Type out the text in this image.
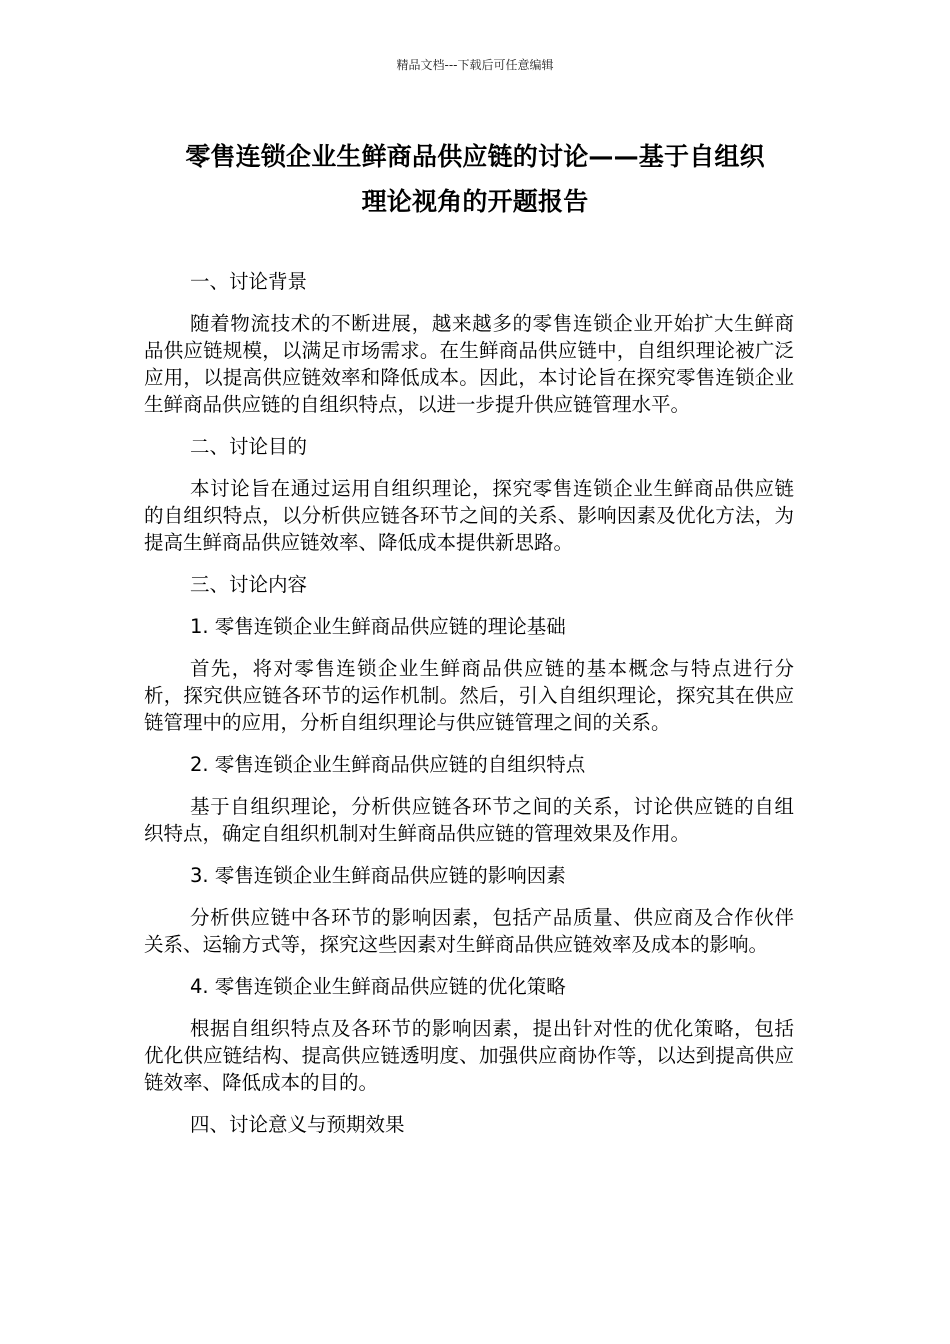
精品文档---下载后可任意编辑
零售连锁企业生鲜商品供应链的讨论——基于自组织
理论视角的开题报告
一、讨论背景
随着物流技术的不断进展，越来越多的零售连锁企业开始扩大生鲜商品供应链规模，以满足市场需求。在生鲜商品供应链中，自组织理论被广泛应用，以提高供应链效率和降低成本。因此，本讨论旨在探究零售连锁企业生鲜商品供应链的自组织特点，以进一步提升供应链管理水平。
二、讨论目的
本讨论旨在通过运用自组织理论，探究零售连锁企业生鲜商品供应链的自组织特点，以分析供应链各环节之间的关系、影响因素及优化方法，为提高生鲜商品供应链效率、降低成本提供新思路。
三、讨论内容
1. 零售连锁企业生鲜商品供应链的理论基础
首先，将对零售连锁企业生鲜商品供应链的基本概念与特点进行分析，探究供应链各环节的运作机制。然后，引入自组织理论，探究其在供应链管理中的应用，分析自组织理论与供应链管理之间的关系。
2. 零售连锁企业生鲜商品供应链的自组织特点
基于自组织理论，分析供应链各环节之间的关系，讨论供应链的自组织特点，确定自组织机制对生鲜商品供应链的管理效果及作用。
3. 零售连锁企业生鲜商品供应链的影响因素
分析供应链中各环节的影响因素，包括产品质量、供应商及合作伙伴关系、运输方式等，探究这些因素对生鲜商品供应链效率及成本的影响。
4. 零售连锁企业生鲜商品供应链的优化策略
根据自组织特点及各环节的影响因素，提出针对性的优化策略，包括优化供应链结构、提高供应链透明度、加强供应商协作等，以达到提高供应链效率、降低成本的目的。
四、讨论意义与预期效果
